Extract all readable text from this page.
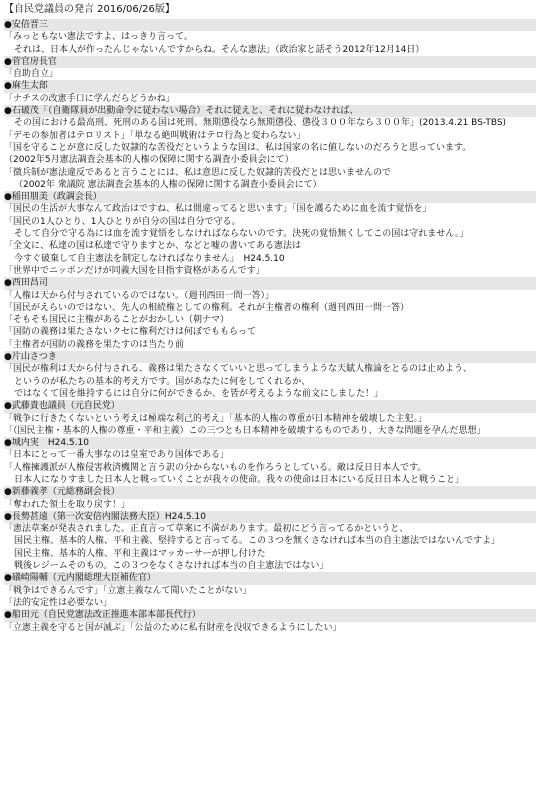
【自民党議員の発言 2016/06/26版】
●安倍晋三
「みっともない憲法ですよ、はっきり言って。
それは、日本人が作ったんじゃないんですからね。そんな憲法」（政治家と話そう2012年12月14日）
●菅官房長官
「自助自立」
●麻生太郎
「ナチスの改憲手口に学んだらどうかね」
●石破茂「（自衛隊員が出動命令に従わない場合）それに従えと、それに従わなければ、
その国における最高刑、死刑のある国は死刑、無期懲役なら無期懲役、懲役３００年なら３００年」(2013.4.21 BS-TBS)
「デモの参加者はテロリスト」「単なる絶叫戦術はテロ行為と変わらない」
「国を守ることが意に反した奴隷的な苦役だというような国は、私は国家の名に値しないのだろうと思っています。
（2002年5月憲法調査会基本的人権の保障に関する調査小委員会にて）
「徴兵制が憲法違反であると言うことには、私は意思に反した奴隷的苦役だとは思いませんので
（2002年 衆議院 憲法調査会基本的人権の保障に関する調査小委員会にて）
●稲田朋美（政調会長）
「国民の生活が大事なんて政治はですね、私は間違ってると思います」「国を護るために血を流す覚悟を」
「国民の1人ひとり、1人ひとりが自分の国は自分で守る。
そして自分で守る為には血を流す覚悟をしなければならないのです。決死の覚悟無くしてこの国は守れません。」
「全文に、私達の国は私達で守りますとか、などと嘘の書いてある憲法は
今すぐ破棄して自主憲法を制定しなければなりません」　H24.5.10
「世界中でニッポンだけが同義大国を目指す資格があるんです」
●西田昌司
「人権は天から付与されているのではない。（週刊西田一問一答）」
「国民がえらいのではない、先人の相続権としての権利。それが主権者の権利（週刊西田一問一答）
「そもそも国民に主権があることがおかしい（朝ナマ）
「国防の義務は果たさないクセに権利だけは何ぼでももらって
「主権者が国防の義務を果たすのは当たり前
●片山さつき
「国民が権利は天から付与される、義務は果たさなくていいと思ってしまうような天賦人権論をとるのは止めよう、
というのが私たちの基本的考え方です。国があなたに何をしてくれるか、
ではなくて国を維持するには自分に何ができるか、を皆が考えるような前文にしました！」
●武藤貴也議員（元自民党）
「戦争に行きたくないという考えは極端な利己的考え」「基本的人権の尊重が日本精神を破壊した主犯。」
「（国民主権・基本的人権の尊重・平和主義）この三つとも日本精神を破壊するものであり、大きな問題を孕んだ思想」
●城内実　H24.5.10
「日本にとって一番大事なのは皇室であり国体である」
「人権擁護派が人権侵害救済機関と言う訳の分からないものを作ろうとしている。敵は反日日本人です。
日本人になりすました日本人と戦っていくことが我々の使命。我々の使命は日本にいる反日日本人と戦うこと」
●新藤義孝（元総務副会長）
「奪われた領土を取り戻す！」
●長勢甚遠（第一次安倍内閣法務大臣）H24.5.10
「憲法草案が発表されました。正直言って草案に不満があります。最初にどう言ってるかというと、
国民主権、基本的人権、平和主義、堅持すると言ってる。この３つを無くさなければ本当の自主憲法ではないんですよ」
国民主権、基本的人権、平和主義はマッカーサーが押し付けた
戦後レジームそのもの。この３つをなくさなければ本当の自主憲法ではない」
●礒崎陽輔（元内閣総理大臣補佐官）
「戦争はできるんです」「立憲主義なんて聞いたことがない」
「法的安定性は必要ない」
●船田元（自民党憲法改正推進本部本部長代行）
「立憲主義を守ると国が滅ぶ」「公益のために私有財産を没収できるようにしたい」
